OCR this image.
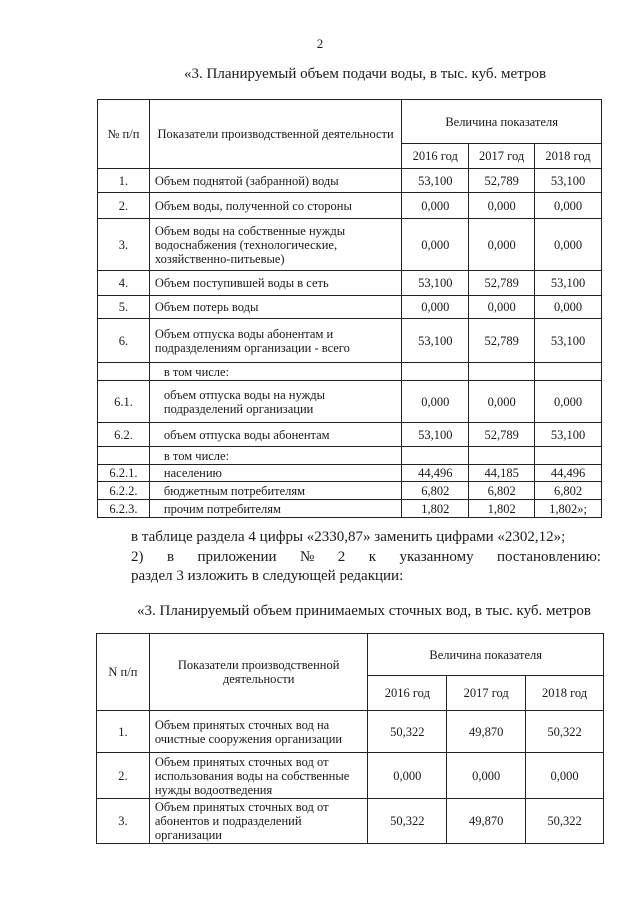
2
«3. Планируемый объем подачи воды, в тыс. куб. метров
№ п/п	Показатели производственной деятельности	Величина показателя		
		2016 год	2017 год	2018 год
1.	Объем поднятой (забранной) воды	53,100	52,789	53,100
2.	Объем воды, полученной со стороны	0,000	0,000	0,000
3.	Объем воды на собственные нужды водоснабжения (технологические, хозяйственно-питьевые)	0,000	0,000	0,000
4.	Объем поступившей воды в сеть	53,100	52,789	53,100
5.	Объем потерь воды	0,000	0,000	0,000
6.	Объем отпуска воды абонентам и подразделениям организации - всего	53,100	52,789	53,100
	в том числе:			
6.1.	объем отпуска воды на нужды подразделений организации	0,000	0,000	0,000
6.2.	объем отпуска воды абонентам	53,100	52,789	53,100
	в том числе:			
6.2.1.	населению	44,496	44,185	44,496
6.2.2.	бюджетным потребителям	6,802	6,802	6,802
6.2.3.	прочим потребителям	1,802	1,802	1,802»;
в таблице раздела 4 цифры «2330,87» заменить цифрами «2302,12»;
2) в приложении № 2 к указанному постановлению:
раздел 3 изложить в следующей редакции:
«3. Планируемый объем принимаемых сточных вод, в тыс. куб. метров
N п/п	Показатели производственной деятельности	Величина показателя		
		2016 год	2017 год	2018 год
1.	Объем принятых сточных вод на очистные сооружения организации	50,322	49,870	50,322
2.	Объем принятых сточных вод от использования воды на собственные нужды водоотведения	0,000	0,000	0,000
3.	Объем принятых сточных вод от абонентов и подразделений организации	50,322	49,870	50,322
